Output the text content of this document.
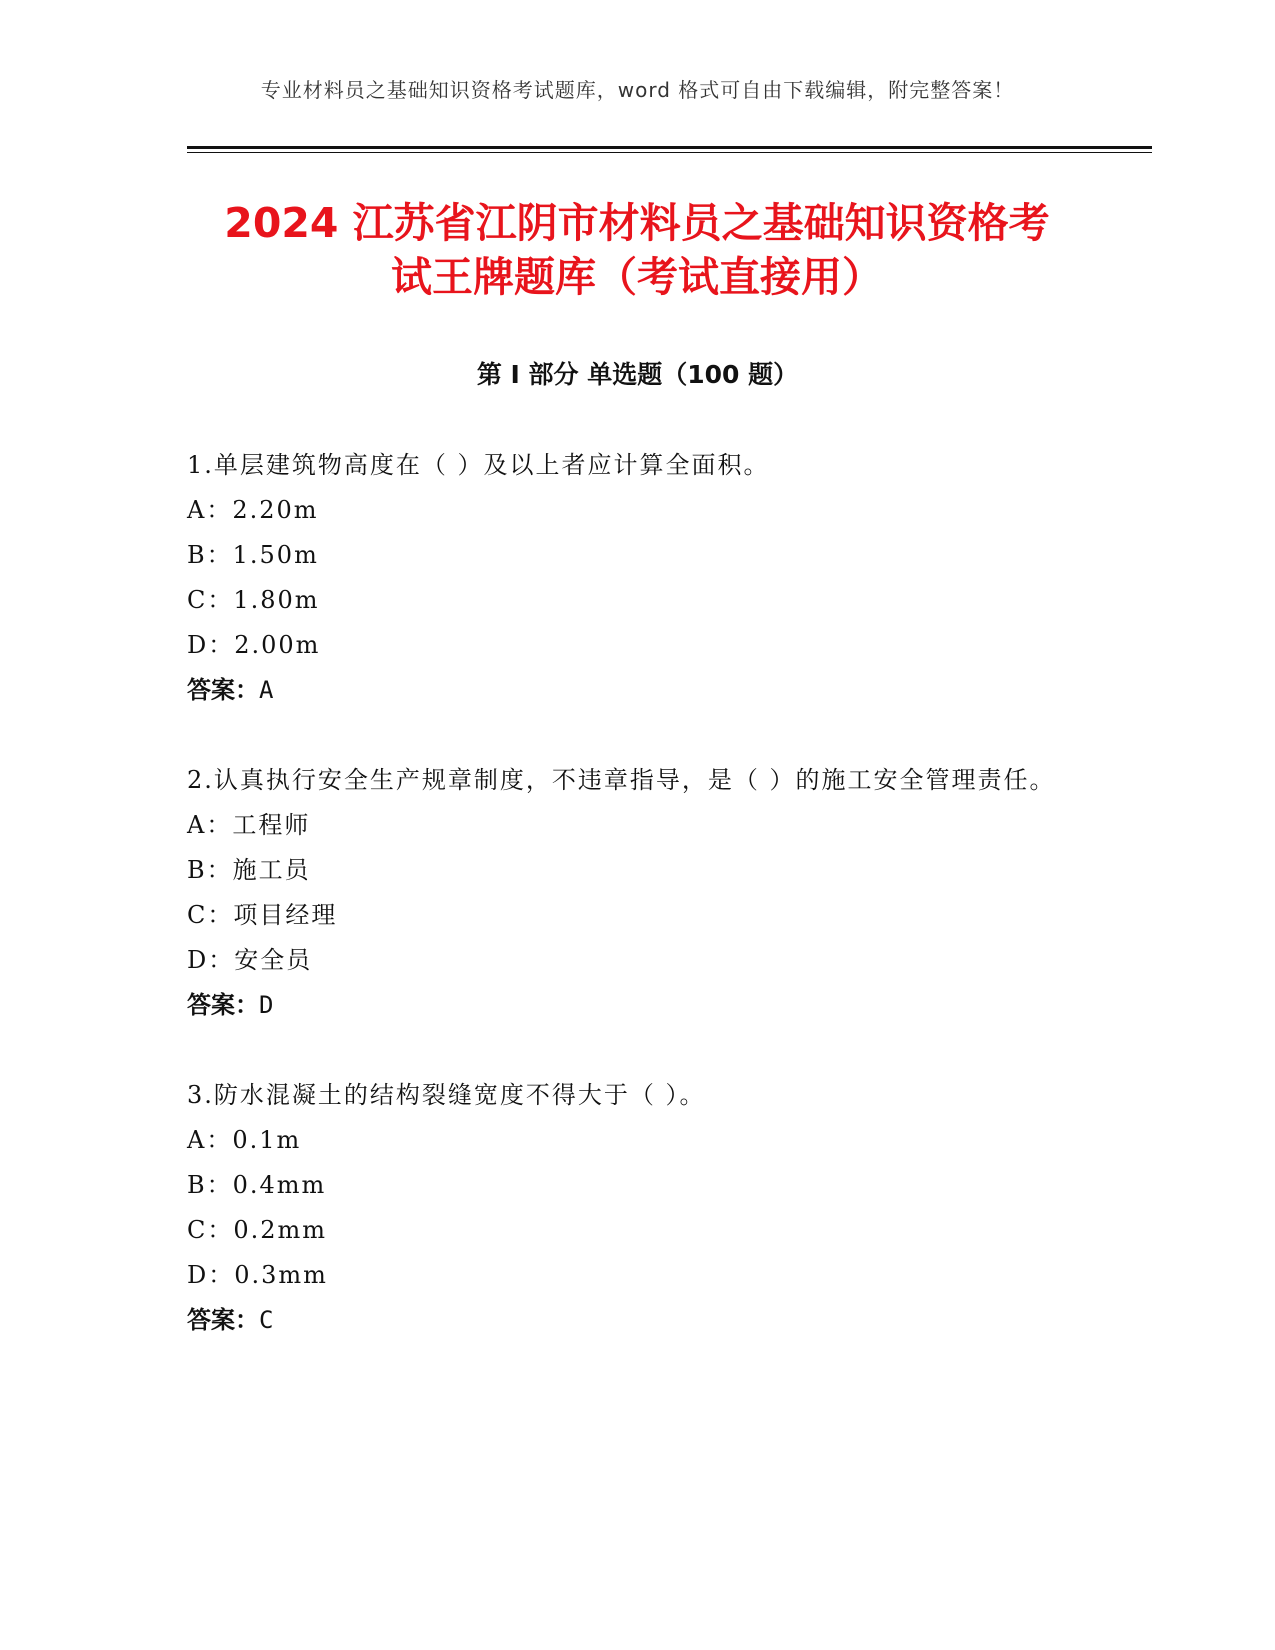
专业材料员之基础知识资格考试题库，word 格式可自由下载编辑，附完整答案！
2024 江苏省江阴市材料员之基础知识资格考
试王牌题库（考试直接用）
第 I 部分 单选题（100 题）
1.单层建筑物高度在（ ）及以上者应计算全面积。
A：2.20m
B：1.50m
C：1.80m
D：2.00m
答案：A
2.认真执行安全生产规章制度，不违章指导，是（ ）的施工安全管理责任。
A：工程师
B：施工员
C：项目经理
D：安全员
答案：D
3.防水混凝土的结构裂缝宽度不得大于（ ）。
A：0.1m
B：0.4mm
C：0.2mm
D：0.3mm
答案：C
